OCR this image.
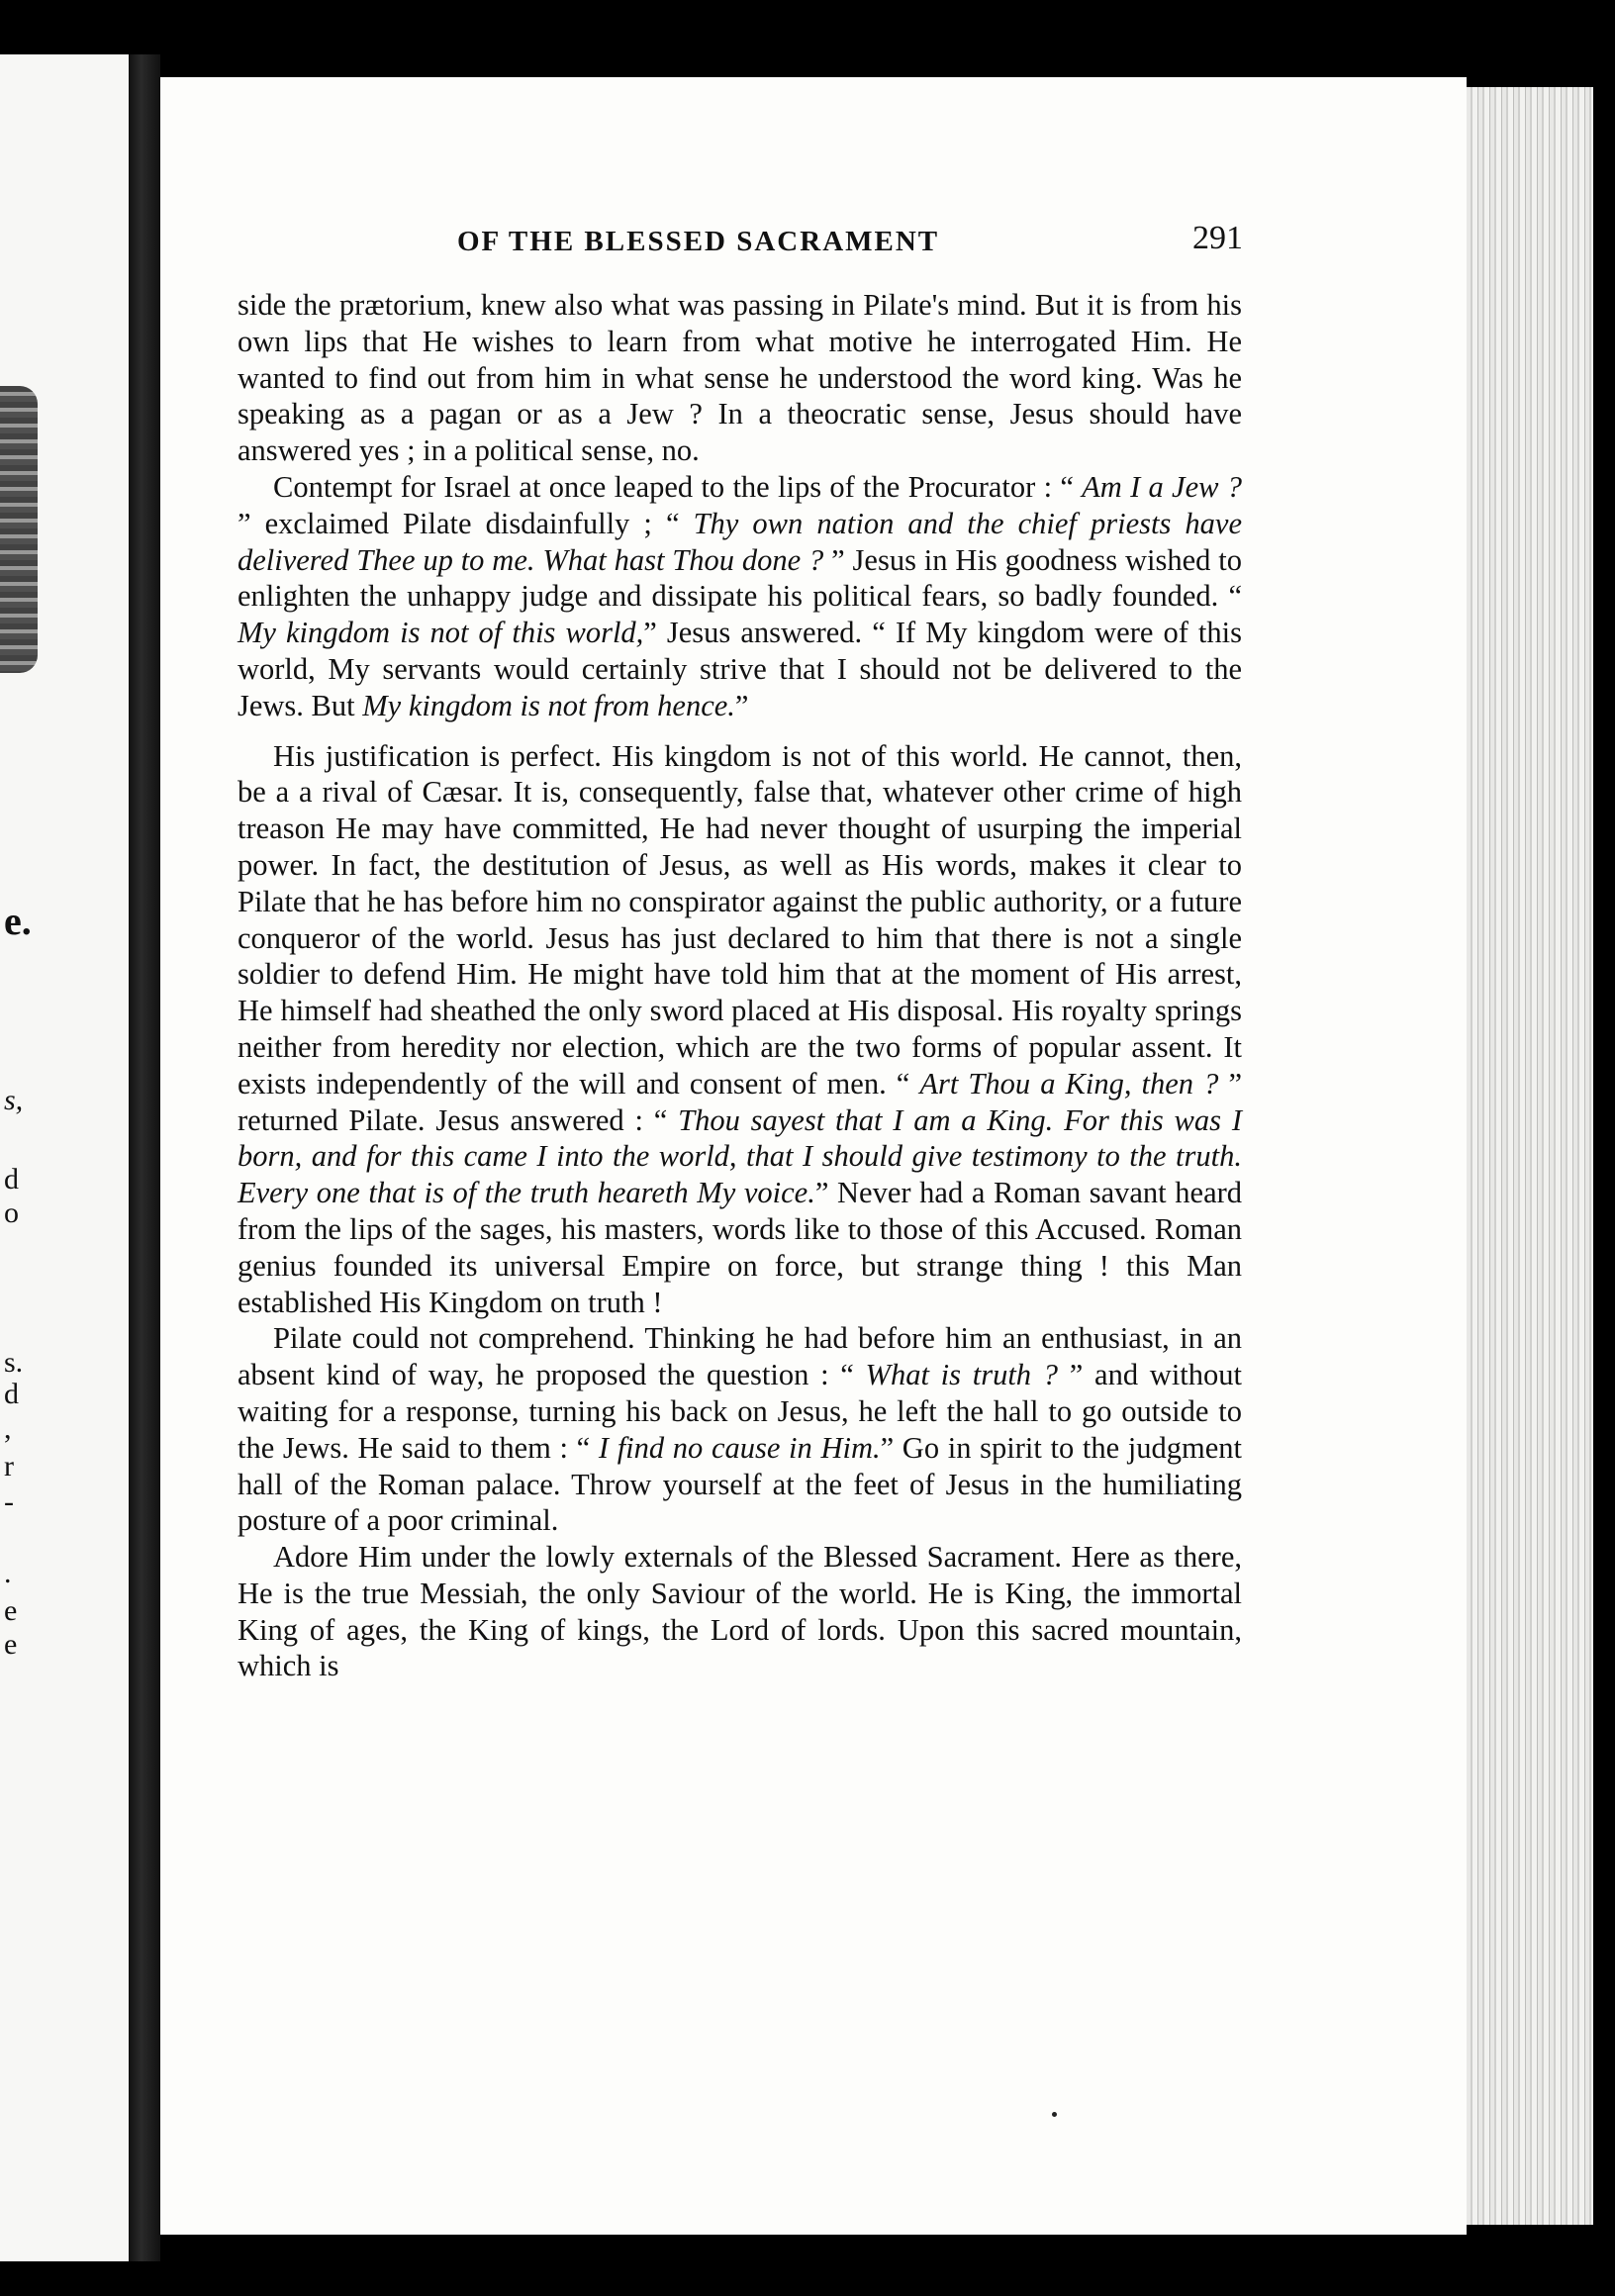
e.
s,
d
o
s.
d
,
r
-
.
e
e
OF THE BLESSED SACRAMENT	291

side the prætorium, knew also what was passing in Pilate's mind. But it is from his own lips that He wishes to learn from what motive he interrogated Him. He wanted to find out from him in what sense he understood the word king. Was he speaking as a pagan or as a Jew ? In a theocratic sense, Jesus should have answered yes ; in a political sense, no.

Contempt for Israel at once leaped to the lips of the Procurator : “ Am I a Jew ? ” exclaimed Pilate disdainfully ; “ Thy own nation and the chief priests have delivered Thee up to me. What hast Thou done ? ” Jesus in His goodness wished to enlighten the unhappy judge and dissipate his political fears, so badly founded. “ My kingdom is not of this world,” Jesus answered. “ If My kingdom were of this world, My servants would certainly strive that I should not be delivered to the Jews. But My kingdom is not from hence.”

His justification is perfect. His kingdom is not of this world. He cannot, then, be a a rival of Cæsar. It is, consequently, false that, whatever other crime of high treason He may have committed, He had never thought of usurping the imperial power. In fact, the destitution of Jesus, as well as His words, makes it clear to Pilate that he has before him no conspirator against the public authority, or a future conqueror of the world. Jesus has just declared to him that there is not a single soldier to defend Him. He might have told him that at the moment of His arrest, He himself had sheathed the only sword placed at His disposal. His royalty springs neither from heredity nor election, which are the two forms of popular assent. It exists independently of the will and consent of men. “ Art Thou a King, then ? ” returned Pilate. Jesus answered : “ Thou sayest that I am a King. For this was I born, and for this came I into the world, that I should give testimony to the truth. Every one that is of the truth heareth My voice.” Never had a Roman savant heard from the lips of the sages, his masters, words like to those of this Accused. Roman genius founded its universal Empire on force, but strange thing ! this Man established His Kingdom on truth !

Pilate could not comprehend. Thinking he had before him an enthusiast, in an absent kind of way, he proposed the question : “ What is truth ? ” and without waiting for a response, turning his back on Jesus, he left the hall to go outside to the Jews. He said to them : “ I find no cause in Him.” Go in spirit to the judgment hall of the Roman palace. Throw yourself at the feet of Jesus in the humiliating posture of a poor criminal.

Adore Him under the lowly externals of the Blessed Sacrament. Here as there, He is the true Messiah, the only Saviour of the world. He is King, the immortal King of ages, the King of kings, the Lord of lords. Upon this sacred mountain, which is
